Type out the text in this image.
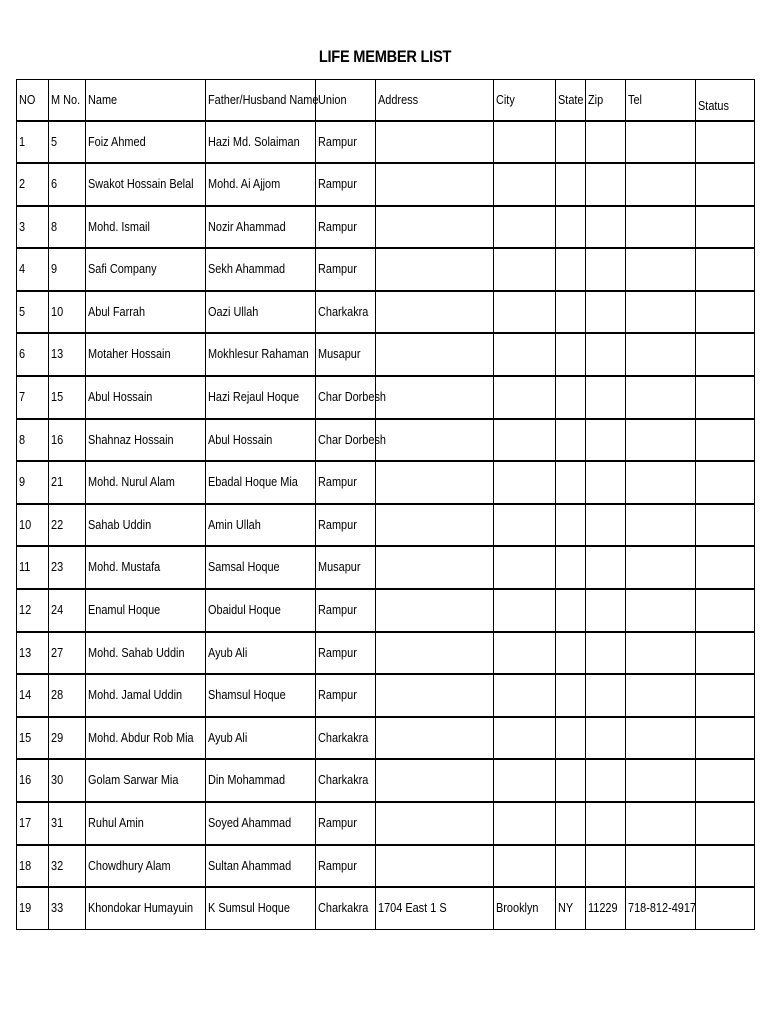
LIFE MEMBER LIST
NO	M No.	Name	Father/Husband Name	Union	Address	City	State	Zip	Tel	Status
1	5	Foiz Ahmed	Hazi Md. Solaiman	Rampur						
2	6	Swakot Hossain Belal	Mohd. Ai Ajjom	Rampur						
3	8	Mohd. Ismail	Nozir Ahammad	Rampur						
4	9	Safi Company	Sekh Ahammad	Rampur						
5	10	Abul Farrah	Oazi Ullah	Charkakra						
6	13	Motaher Hossain	Mokhlesur Rahaman	Musapur						
7	15	Abul Hossain	Hazi Rejaul Hoque	Char Dorbesh						
8	16	Shahnaz Hossain	Abul Hossain	Char Dorbesh						
9	21	Mohd. Nurul Alam	Ebadal Hoque Mia	Rampur						
10	22	Sahab Uddin	Amin Ullah	Rampur						
11	23	Mohd. Mustafa	Samsal Hoque	Musapur						
12	24	Enamul Hoque	Obaidul Hoque	Rampur						
13	27	Mohd. Sahab Uddin	Ayub Ali	Rampur						
14	28	Mohd. Jamal Uddin	Shamsul Hoque	Rampur						
15	29	Mohd. Abdur Rob Mia	Ayub Ali	Charkakra						
16	30	Golam Sarwar Mia	Din Mohammad	Charkakra						
17	31	Ruhul Amin	Soyed Ahammad	Rampur						
18	32	Chowdhury Alam	Sultan Ahammad	Rampur						
19	33	Khondokar Humayuin	K Sumsul Hoque	Charkakra	1704 East 1 S	Brooklyn	NY	11229	718-812-4917	
